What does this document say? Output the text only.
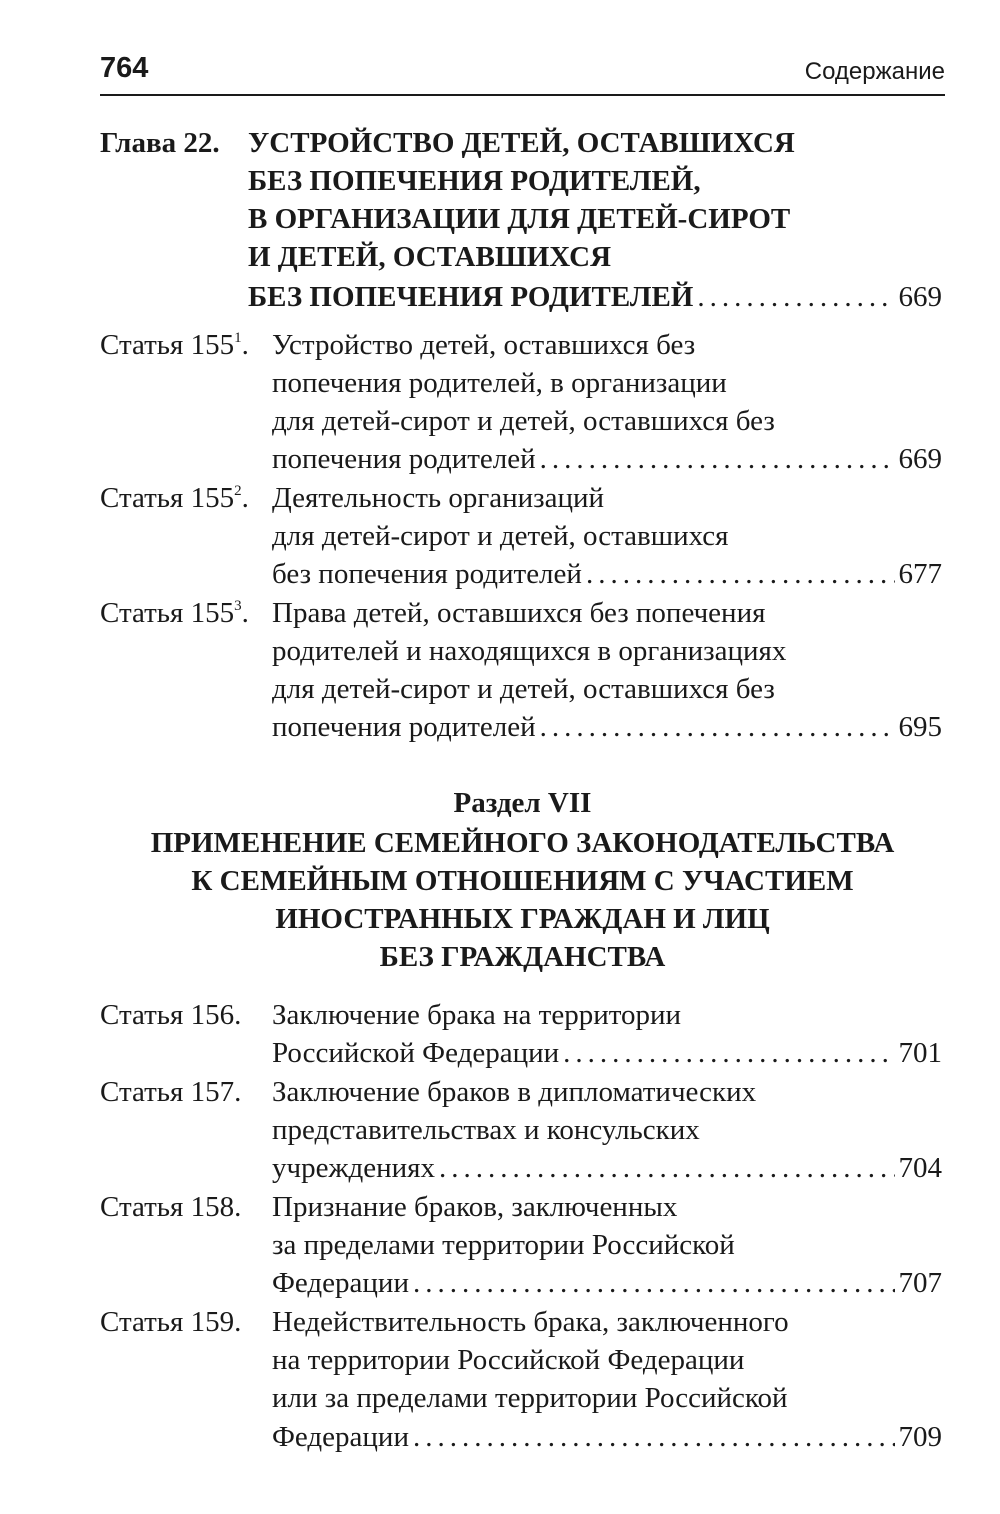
764	Содержание
Глава 22. УСТРОЙСТВО ДЕТЕЙ, ОСТАВШИХСЯ
БЕЗ ПОПЕЧЕНИЯ РОДИТЕЛЕЙ,
В ОРГАНИЗАЦИИ ДЛЯ ДЕТЕЙ-СИРОТ
И ДЕТЕЙ, ОСТАВШИХСЯ
БЕЗ ПОПЕЧЕНИЯ РОДИТЕЛЕЙ .....	669
Статья $155^1$. Устройство детей, оставшихся без
попечения родителей, в организации
для детей-сирот и детей, оставшихся без
попечения родителей .....	669
Статья $155^2$. Деятельность организаций
для детей-сирот и детей, оставшихся
без попечения родителей .....	677
Статья $155^3$. Права детей, оставшихся без попечения
родителей и находящихся в организациях
для детей-сирот и детей, оставшихся без
попечения родителей .....	695
Раздел VII
ПРИМЕНЕНИЕ СЕМЕЙНОГО ЗАКОНОДАТЕЛЬСТВА
К СЕМЕЙНЫМ ОТНОШЕНИЯМ С УЧАСТИЕМ
ИНОСТРАННЫХ ГРАЖДАН И ЛИЦ
БЕЗ ГРАЖДАНСТВА
Статья 156. Заключение брака на территории
Российской Федерации .....	701
Статья 157. Заключение браков в дипломатических
представительствах и консульских
учреждениях .....	704
Статья 158. Признание браков, заключенных
за пределами территории Российской
Федерации .....	707
Статья 159. Недействительность брака, заключенного
на территории Российской Федерации
или за пределами территории Российской
Федерации .....	709
